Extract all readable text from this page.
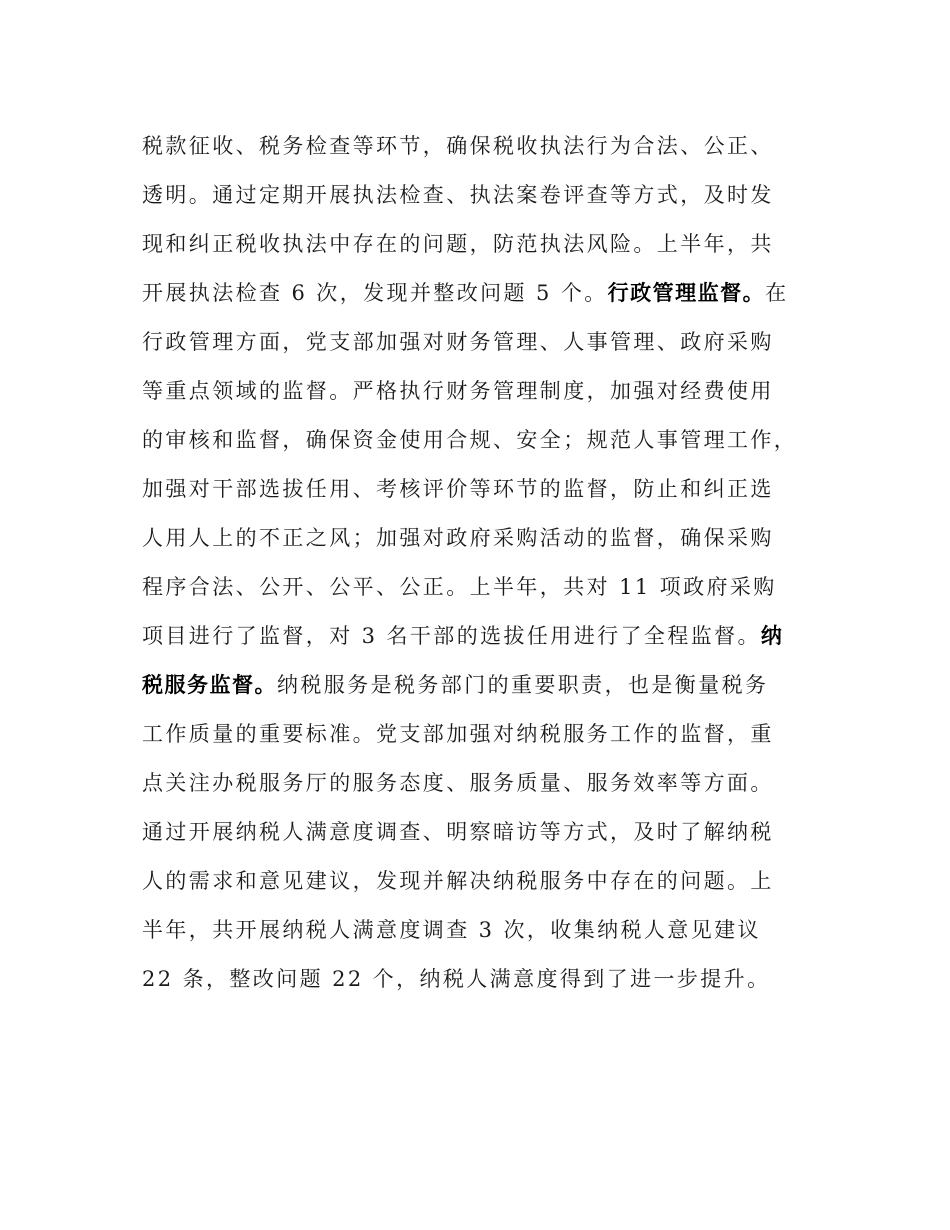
税款征收、税务检查等环节，确保税收执法行为合法、公正、
透明。通过定期开展执法检查、执法案卷评查等方式，及时发
现和纠正税收执法中存在的问题，防范执法风险。上半年，共
开展执法检查 6 次，发现并整改问题 5 个。行政管理监督。在
行政管理方面，党支部加强对财务管理、人事管理、政府采购
等重点领域的监督。严格执行财务管理制度，加强对经费使用
的审核和监督，确保资金使用合规、安全；规范人事管理工作，
加强对干部选拔任用、考核评价等环节的监督，防止和纠正选
人用人上的不正之风；加强对政府采购活动的监督，确保采购
程序合法、公开、公平、公正。上半年，共对 11 项政府采购
项目进行了监督，对 3 名干部的选拔任用进行了全程监督。纳
税服务监督。纳税服务是税务部门的重要职责，也是衡量税务
工作质量的重要标准。党支部加强对纳税服务工作的监督，重
点关注办税服务厅的服务态度、服务质量、服务效率等方面。
通过开展纳税人满意度调查、明察暗访等方式，及时了解纳税
人的需求和意见建议，发现并解决纳税服务中存在的问题。上
半年，共开展纳税人满意度调查 3 次，收集纳税人意见建议
22 条，整改问题 22 个，纳税人满意度得到了进一步提升。
